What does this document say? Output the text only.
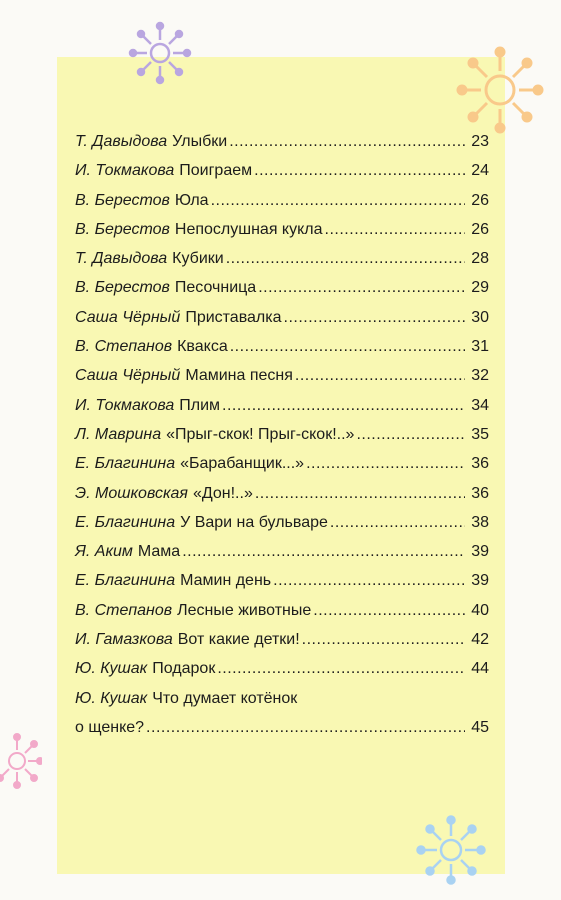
Т. Давыдова Улыбки .....	23
И. Токмакова Поиграем .....	24
В. Берестов Юла .....	26
В. Берестов Непослушная кукла .....	26
Т. Давыдова Кубики .....	28
В. Берестов Песочница .....	29
Саша Чёрный Приставалка .....	30
В. Степанов Квакса .....	31
Саша Чёрный Мамина песня .....	32
И. Токмакова Плим .....	34
Л. Маврина «Прыг-скок! Прыг-скок!..» .....	35
Е. Благинина «Барабанщик...» .....	36
Э. Мошковская «Дон!..» .....	36
Е. Благинина У Вари на бульваре .....	38
Я. Аким Мама .....	39
Е. Благинина Мамин день .....	39
В. Степанов Лесные животные .....	40
И. Гамазкова Вот какие детки! .....	42
Ю. Кушак Подарок .....	44
Ю. Кушак Что думает котёнок
о щенке? .....	45
